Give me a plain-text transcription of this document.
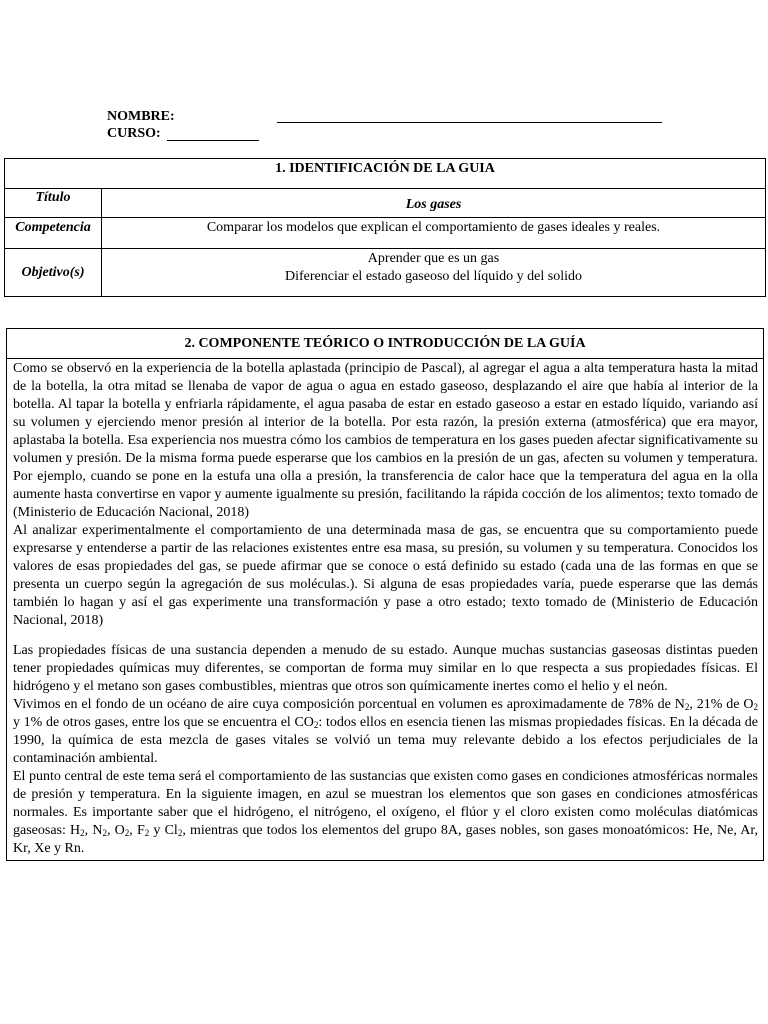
NOMBRE:
CURSO:
1. IDENTIFICACIÓN DE LA GUIA	
Título	Los gases
Competencia	Comparar los modelos que explican el comportamiento de gases ideales y reales.
Objetivo(s)	Aprender que es un gas
Diferenciar el estado gaseoso del líquido y del solido
2. COMPONENTE TEÓRICO O INTRODUCCIÓN DE LA GUÍA

Como se observó en la experiencia de la botella aplastada (principio de Pascal), al agregar el agua a alta temperatura hasta la mitad de la botella, la otra mitad se llenaba de vapor de agua o agua en estado gaseoso, desplazando el aire que había al interior de la botella. Al tapar la botella y enfriarla rápidamente, el agua pasaba de estar en estado gaseoso a estar en estado líquido, variando así su volumen y ejerciendo menor presión al interior de la botella. Por esta razón, la presión externa (atmosférica) que era mayor, aplastaba la botella. Esa experiencia nos muestra cómo los cambios de temperatura en los gases pueden afectar significativamente su volumen y presión. De la misma forma puede esperarse que los cambios en la presión de un gas, afecten su volumen y temperatura. Por ejemplo, cuando se pone en la estufa una olla a presión, la transferencia de calor hace que la temperatura del agua en la olla aumente hasta convertirse en vapor y aumente igualmente su presión, facilitando la rápida cocción de los alimentos; texto tomado de (Ministerio de Educación Nacional, 2018)

Al analizar experimentalmente el comportamiento de una determinada masa de gas, se encuentra que su comportamiento puede expresarse y entenderse a partir de las relaciones existentes entre esa masa, su presión, su volumen y su temperatura. Conocidos los valores de esas propiedades del gas, se puede afirmar que se conoce o está definido su estado (cada una de las formas en que se presenta un cuerpo según la agregación de sus moléculas.). Si alguna de esas propiedades varía, puede esperarse que las demás también lo hagan y así el gas experimente una transformación y pase a otro estado; texto tomado de (Ministerio de Educación Nacional, 2018)

Las propiedades físicas de una sustancia dependen a menudo de su estado. Aunque muchas sustancias gaseosas distintas pueden tener propiedades químicas muy diferentes, se comportan de forma muy similar en lo que respecta a sus propiedades físicas. El hidrógeno y el metano son gases combustibles, mientras que otros son químicamente inertes como el helio y el neón.

Vivimos en el fondo de un océano de aire cuya composición porcentual en volumen es aproximadamente de 78% de $N_2$, 21% de $O_2$ y 1% de otros gases, entre los que se encuentra el $CO_2$: todos ellos en esencia tienen las mismas propiedades físicas. En la década de 1990, la química de esta mezcla de gases vitales se volvió un tema muy relevante debido a los efectos perjudiciales de la contaminación ambiental.

El punto central de este tema será el comportamiento de las sustancias que existen como gases en condiciones atmosféricas normales de presión y temperatura. En la siguiente imagen, en azul se muestran los elementos que son gases en condiciones atmosféricas normales. Es importante saber que el hidrógeno, el nitrógeno, el oxígeno, el flúor y el cloro existen como moléculas diatómicas gaseosas: $H_2$, $N_2$, $O_2$, $F_2$ y $Cl_2$, mientras que todos los elementos del grupo 8A, gases nobles, son gases monoatómicos: He, Ne, Ar, Kr, Xe y Rn.
